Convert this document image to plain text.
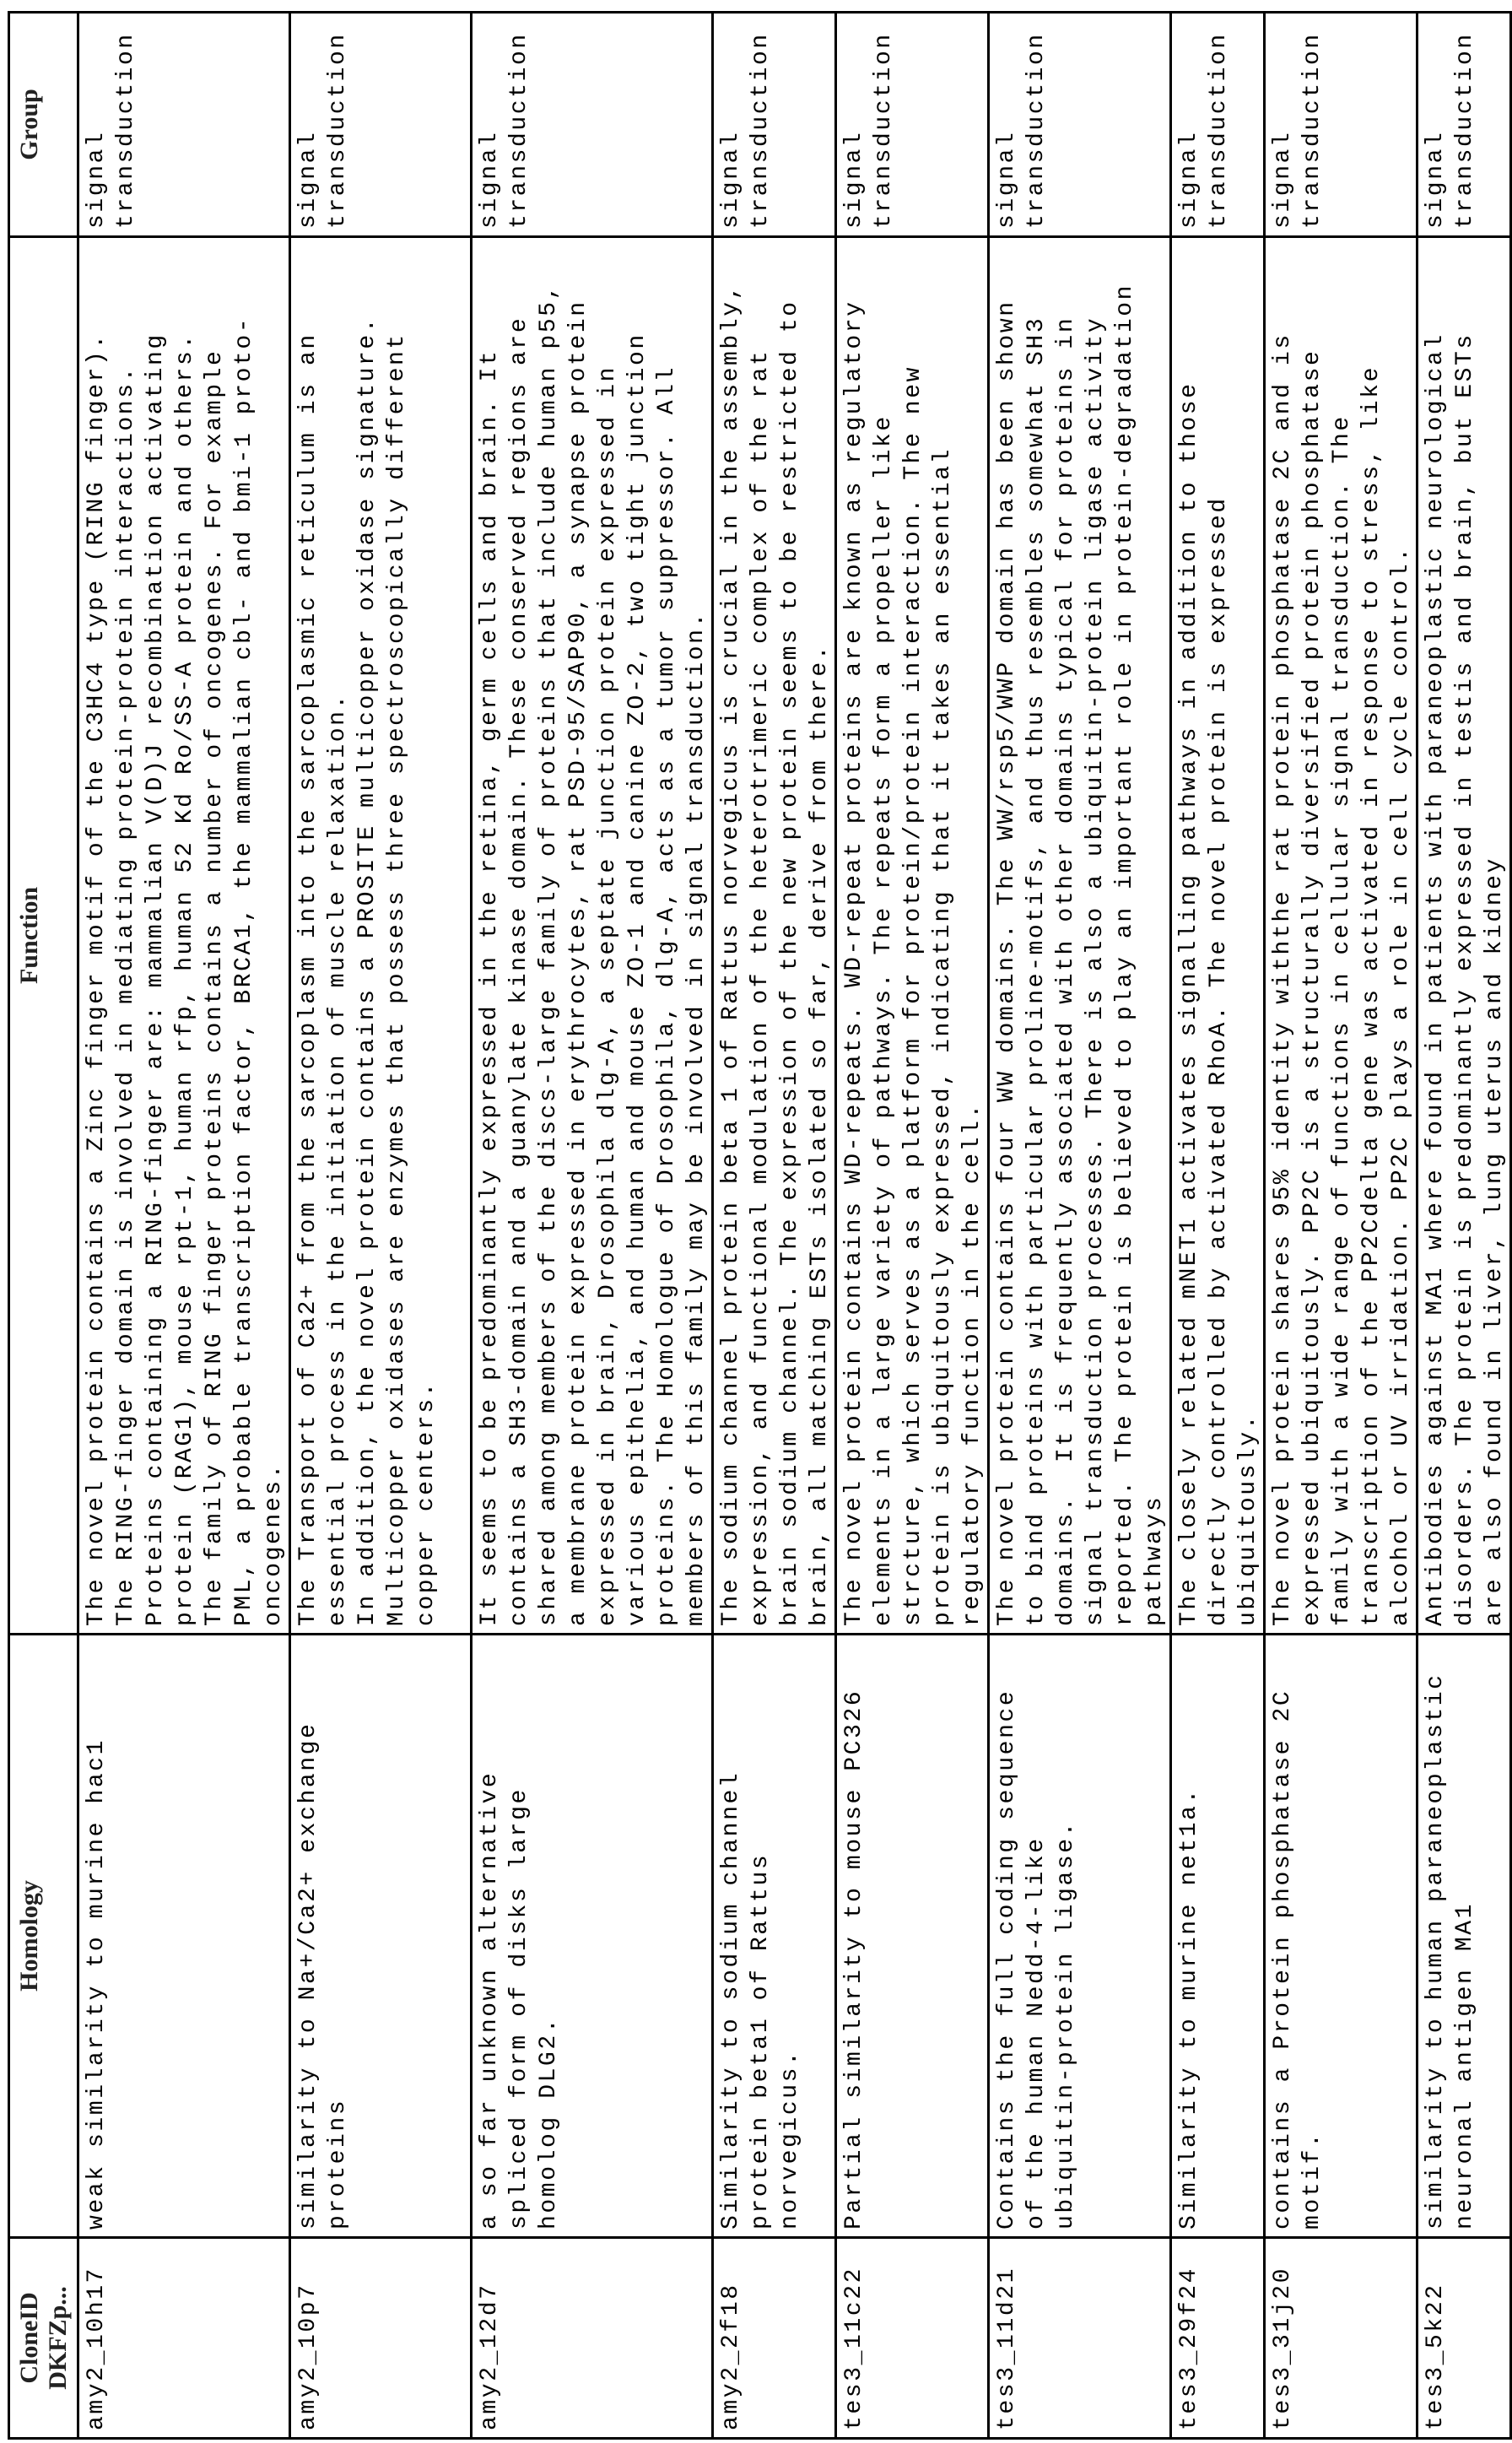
CloneID
DKFZp...	Homology	Function	Group
amy2_10h17	weak similarity to murine hac1	The novel protein contains a Zinc finger motif of the C3HC4 type (RING finger).
The RING-finger domain is involved in mediating protein-protein interactions.
Proteins containing a RING-finger are: mammalian V(D)J recombination activating
protein (RAG1), mouse rpt-1, human rfp, human 52 Kd Ro/SS-A protein and others.
The family of RING finger proteins contains a number of oncogenes. For example
PML, a probable transcription factor, BRCA1, the mammalian cbl- and bmi-1 proto-
oncogenes.	signal
transduction
amy2_10p7	similarity to Na+/Ca2+ exchange
proteins	The Transport of Ca2+ from the sarcoplasm into the sarcoplasmic reticulum is an
essential process in the initiation of muscle relaxation.
In addition, the novel protein contains a PROSITE multicopper oxidase signature.
Multicopper oxidases are enzymes that possess three spectroscopically different
copper centers.	signal
transduction
amy2_12d7	a so far unknown alternative
spliced form of disks large
homolog DLG2.	It seems to be predominantly expressed in the retina, germ cells and brain. It
contains a SH3-domain and a guanylate kinase domain. These conserved regions are
shared among members of the discs-large family of proteins that include human p55,
a membrane protein expressed in erythrocytes, rat PSD-95/SAP90, a synapse protein
expressed in brain, Drosophila dlg-A, a septate junction protein expressed in
various epithelia, and human and mouse ZO-1 and canine ZO-2, two tight junction
proteins. The Homologue of Drosophila, dlg-A, acts as a tumor suppressor. All
members of this family may be involved in signal transduction.	signal
transduction
amy2_2f18	Similarity to sodium channel
protein beta1 of Rattus
norvegicus.	The sodium channel protein beta 1 of Rattus norvegicus is crucial in the assembly,
expression, and functional modulation of the heterotrimeric complex of the rat
brain sodium channel. The expression of the new protein seems to be restricted to
brain, all matching ESTs isolated so far, derive from there.	signal
transduction
tes3_11c22	Partial similarity to mouse PC326	The novel protein contains WD-repeats. WD-repeat proteins are known as regulatory
elements in a large variety of pathways. The repeats form a propeller like
strcture, which serves as a platform for protein/protein interaction. The new
protein is ubiquitously expressed, indicating that it takes an essential
regulatory function in the cell.	signal
transduction
tes3_11d21	Contains the full coding sequence
of the human Nedd-4-like
ubiquitin-protein ligase.	The novel protein contains four WW domains. The WW/rsp5/WWP domain has been shown
to bind proteins with particular proline-motifs, and thus resembles somewhat SH3
domains.  It is frequently associated with other domains typical for proteins in
signal transduction processes. There is also a ubiquitin-protein ligase activity
reported. The protein is believed to play an important role in protein-degradation
pathways	signal
transduction
tes3_29f24	Similarity to murine net1a.	The closely related mNET1 activates signalling pathways in addition to those
directly controlled by activated RhoA. The novel protein is expressed
ubiquitously.	signal
transduction
tes3_31j20	contains a Protein phosphatase 2C
motif.	The novel protein shares 95% identity withthe rat protein phosphatase 2C and is
expressed ubiquitously. PP2C is a structurally diversified protein phosphatase
family with a wide range of functions in cellular signal transduction. The
transcription of the PP2Cdelta gene was activated in response to stress, like
alcohol or UV irridation. PP2C plays a role in cell cycle control.	signal
transduction
tes3_5k22	similarity to human paraneoplastic
neuronal antigen MA1	Antibodies against MA1 where found in patients with paraneoplastic neurological
disorders. The protein is predominantly expressed in testis and brain, but ESTs
are also found in liver, lung uterus and kidney	signal
transduction
